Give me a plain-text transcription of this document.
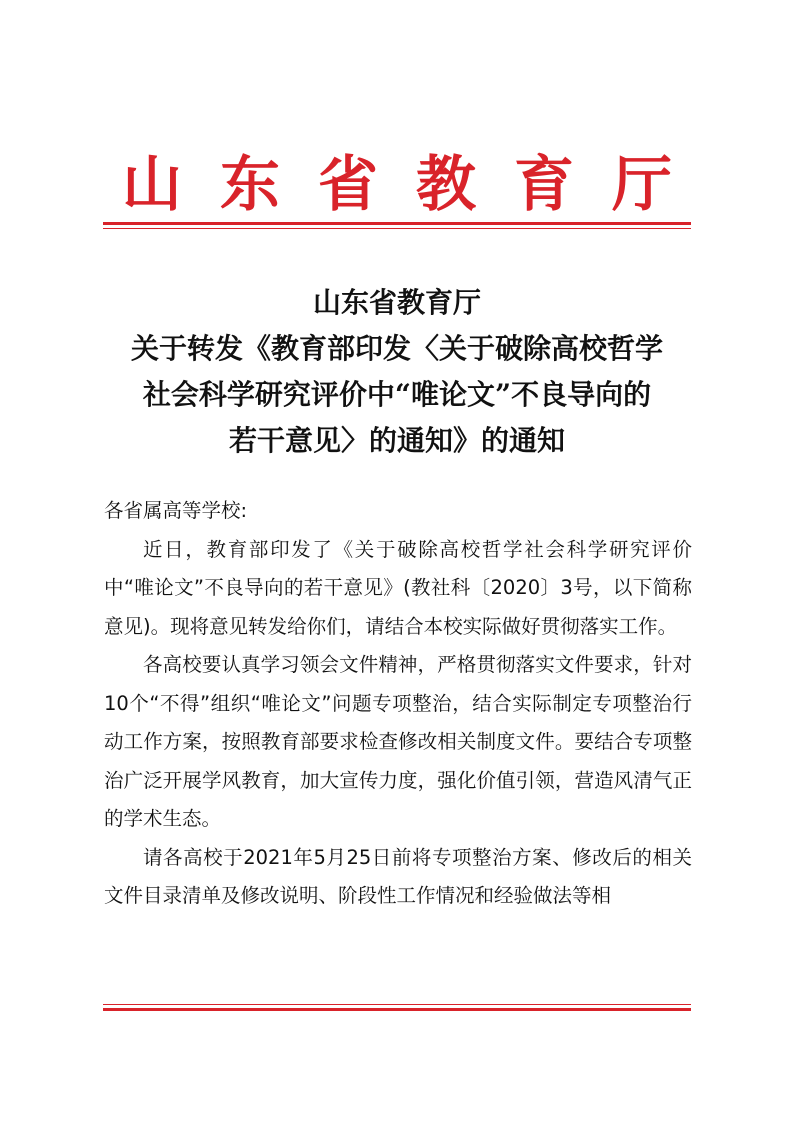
山 东 省 教 育 厅
山东省教育厅
关于转发《教育部印发〈关于破除高校哲学
社会科学研究评价中“唯论文”不良导向的
若干意见〉的通知》的通知

各省属高等学校:

近日，教育部印发了《关于破除高校哲学社会科学研究评价中“唯论文”不良导向的若干意见》(教社科〔2020〕3号，以下简称意见)。现将意见转发给你们，请结合本校实际做好贯彻落实工作。

各高校要认真学习领会文件精神，严格贯彻落实文件要求，针对10个“不得”组织“唯论文”问题专项整治，结合实际制定专项整治行动工作方案，按照教育部要求检查修改相关制度文件。要结合专项整治广泛开展学风教育，加大宣传力度，强化价值引领，营造风清气正的学术生态。

请各高校于2021年5月25日前将专项整治方案、修改后的相关文件目录清单及修改说明、阶段性工作情况和经验做法等相
